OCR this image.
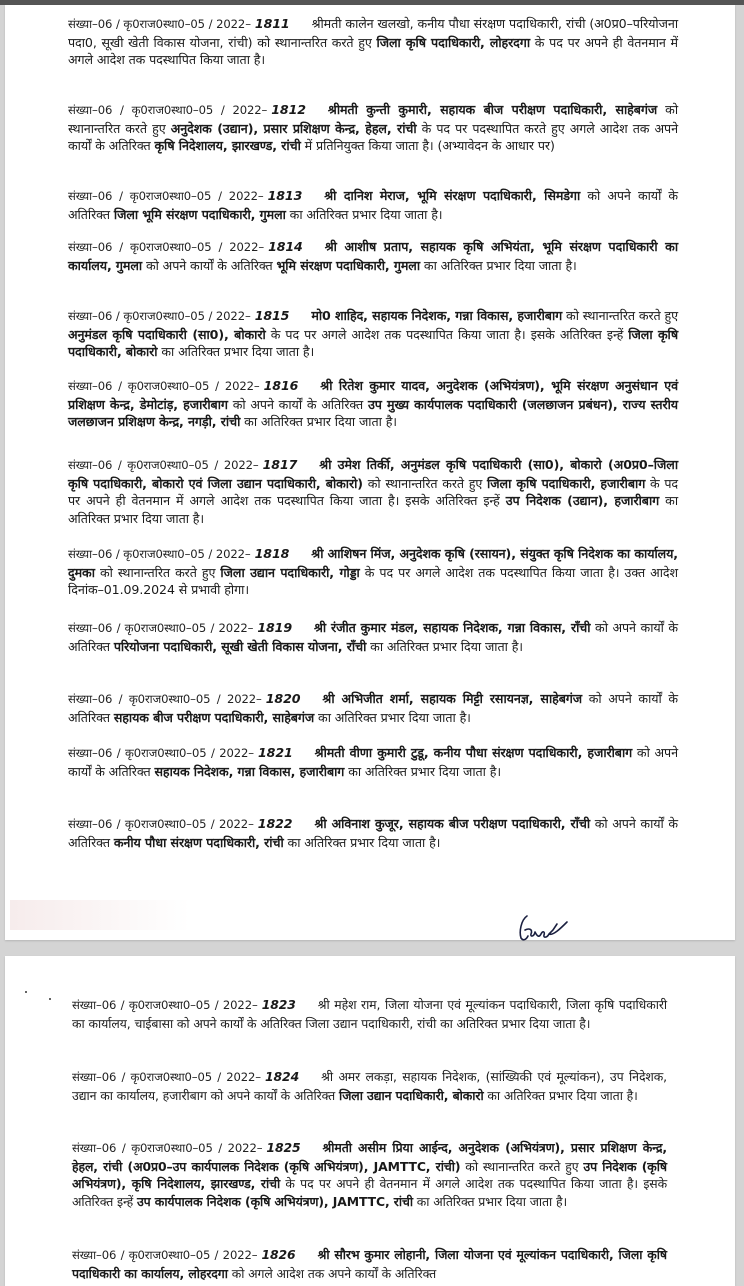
संख्या–06 / कृ0राज0स्था0–05 / 2022– 1811 श्रीमती कालेन खलखो, कनीय पौधा संरक्षण पदाधिकारी, रांची (अ0प्र0–परियोजना पदा0, सूखी खेती विकास योजना, रांची) को स्थानान्तरित करते हुए जिला कृषि पदाधिकारी, लोहरदगा के पद पर अपने ही वेतनमान में अगले आदेश तक पदस्थापित किया जाता है।
संख्या–06 / कृ0राज0स्था0–05 / 2022– 1812 श्रीमती कुन्ती कुमारी, सहायक बीज परीक्षण पदाधिकारी, साहेबगंज को स्थानान्तरित करते हुए अनुदेशक (उद्यान), प्रसार प्रशिक्षण केन्द्र, हेहल, रांची के पद पर पदस्थापित करते हुए अगले आदेश तक अपने कार्यों के अतिरिक्त कृषि निदेशालय, झारखण्ड, रांची में प्रतिनियुक्त किया जाता है। (अभ्यावेदन के आधार पर)
संख्या–06 / कृ0राज0स्था0–05 / 2022– 1813 श्री दानिश मेराज, भूमि संरक्षण पदाधिकारी, सिमडेगा को अपने कार्यों के अतिरिक्त जिला भूमि संरक्षण पदाधिकारी, गुमला का अतिरिक्त प्रभार दिया जाता है।
संख्या–06 / कृ0राज0स्था0–05 / 2022– 1814 श्री आशीष प्रताप, सहायक कृषि अभियंता, भूमि संरक्षण पदाधिकारी का कार्यालय, गुमला को अपने कार्यों के अतिरिक्त भूमि संरक्षण पदाधिकारी, गुमला का अतिरिक्त प्रभार दिया जाता है।
संख्या–06 / कृ0राज0स्था0–05 / 2022– 1815 मो0 शाहिद, सहायक निदेशक, गन्ना विकास, हजारीबाग को स्थानान्तरित करते हुए अनुमंडल कृषि पदाधिकारी (सा0), बोकारो के पद पर अगले आदेश तक पदस्थापित किया जाता है। इसके अतिरिक्त इन्हें जिला कृषि पदाधिकारी, बोकारो का अतिरिक्त प्रभार दिया जाता है।
संख्या–06 / कृ0राज0स्था0–05 / 2022– 1816 श्री रितेश कुमार यादव, अनुदेशक (अभियंत्रण), भूमि संरक्षण अनुसंधान एवं प्रशिक्षण केन्द्र, डेमोटांड़, हजारीबाग को अपने कार्यों के अतिरिक्त उप मुख्य कार्यपालक पदाधिकारी (जलछाजन प्रबंधन), राज्य स्तरीय जलछाजन प्रशिक्षण केन्द्र, नगड़ी, रांची का अतिरिक्त प्रभार दिया जाता है।
संख्या–06 / कृ0राज0स्था0–05 / 2022– 1817 श्री उमेश तिर्की, अनुमंडल कृषि पदाधिकारी (सा0), बोकारो (अ0प्र0–जिला कृषि पदाधिकारी, बोकारो एवं जिला उद्यान पदाधिकारी, बोकारो) को स्थानान्तरित करते हुए जिला कृषि पदाधिकारी, हजारीबाग के पद पर अपने ही वेतनमान में अगले आदेश तक पदस्थापित किया जाता है। इसके अतिरिक्त इन्हें उप निदेशक (उद्यान), हजारीबाग का अतिरिक्त प्रभार दिया जाता है।
संख्या–06 / कृ0राज0स्था0–05 / 2022– 1818 श्री आशिषन मिंज, अनुदेशक कृषि (रसायन), संयुक्त कृषि निदेशक का कार्यालय, दुमका को स्थानान्तरित करते हुए जिला उद्यान पदाधिकारी, गोड्डा के पद पर अगले आदेश तक पदस्थापित किया जाता है। उक्त आदेश दिनांक–01.09.2024 से प्रभावी होगा।
संख्या–06 / कृ0राज0स्था0–05 / 2022– 1819 श्री रंजीत कुमार मंडल, सहायक निदेशक, गन्ना विकास, रॉंची को अपने कार्यों के अतिरिक्त परियोजना पदाधिकारी, सूखी खेती विकास योजना, रॉंची का अतिरिक्त प्रभार दिया जाता है।
संख्या–06 / कृ0राज0स्था0–05 / 2022– 1820 श्री अभिजीत शर्मा, सहायक मिट्टी रसायनज्ञ, साहेबगंज को अपने कार्यों के अतिरिक्त सहायक बीज परीक्षण पदाधिकारी, साहेबगंज का अतिरिक्त प्रभार दिया जाता है।
संख्या–06 / कृ0राज0स्था0–05 / 2022– 1821 श्रीमती वीणा कुमारी टुडू, कनीय पौधा संरक्षण पदाधिकारी, हजारीबाग को अपने कार्यों के अतिरिक्त सहायक निदेशक, गन्ना विकास, हजारीबाग का अतिरिक्त प्रभार दिया जाता है।
संख्या–06 / कृ0राज0स्था0–05 / 2022– 1822 श्री अविनाश कुजूर, सहायक बीज परीक्षण पदाधिकारी, रॉंची को अपने कार्यों के अतिरिक्त कनीय पौधा संरक्षण पदाधिकारी, रांची का अतिरिक्त प्रभार दिया जाता है।
संख्या–06 / कृ0राज0स्था0–05 / 2022– 1823 श्री महेश राम, जिला योजना एवं मूल्यांकन पदाधिकारी, जिला कृषि पदाधिकारी का कार्यालय, चाईबासा को अपने कार्यों के अतिरिक्त जिला उद्यान पदाधिकारी, रांची का अतिरिक्त प्रभार दिया जाता है।
संख्या–06 / कृ0राज0स्था0–05 / 2022– 1824 श्री अमर लकड़ा, सहायक निदेशक, (सांख्यिकी एवं मूल्यांकन), उप निदेशक, उद्यान का कार्यालय, हजारीबाग को अपने कार्यों के अतिरिक्त जिला उद्यान पदाधिकारी, बोकारो का अतिरिक्त प्रभार दिया जाता है।
संख्या–06 / कृ0राज0स्था0–05 / 2022– 1825 श्रीमती असीम प्रिया आईन्द, अनुदेशक (अभियंत्रण), प्रसार प्रशिक्षण केन्द्र, हेहल, रांची (अ0प्र0–उप कार्यपालक निदेशक (कृषि अभियंत्रण), JAMTTC, रांची) को स्थानान्तरित करते हुए उप निदेशक (कृषि अभियंत्रण), कृषि निदेशालय, झारखण्ड, रांची के पद पर अपने ही वेतनमान में अगले आदेश तक पदस्थापित किया जाता है। इसके अतिरिक्त इन्हें उप कार्यपालक निदेशक (कृषि अभियंत्रण), JAMTTC, रांची का अतिरिक्त प्रभार दिया जाता है।
संख्या–06 / कृ0राज0स्था0–05 / 2022– 1826 श्री सौरभ कुमार लोहानी, जिला योजना एवं मूल्यांकन पदाधिकारी, जिला कृषि पदाधिकारी का कार्यालय, लोहरदगा को अगले आदेश तक अपने कार्यों के अतिरिक्त
